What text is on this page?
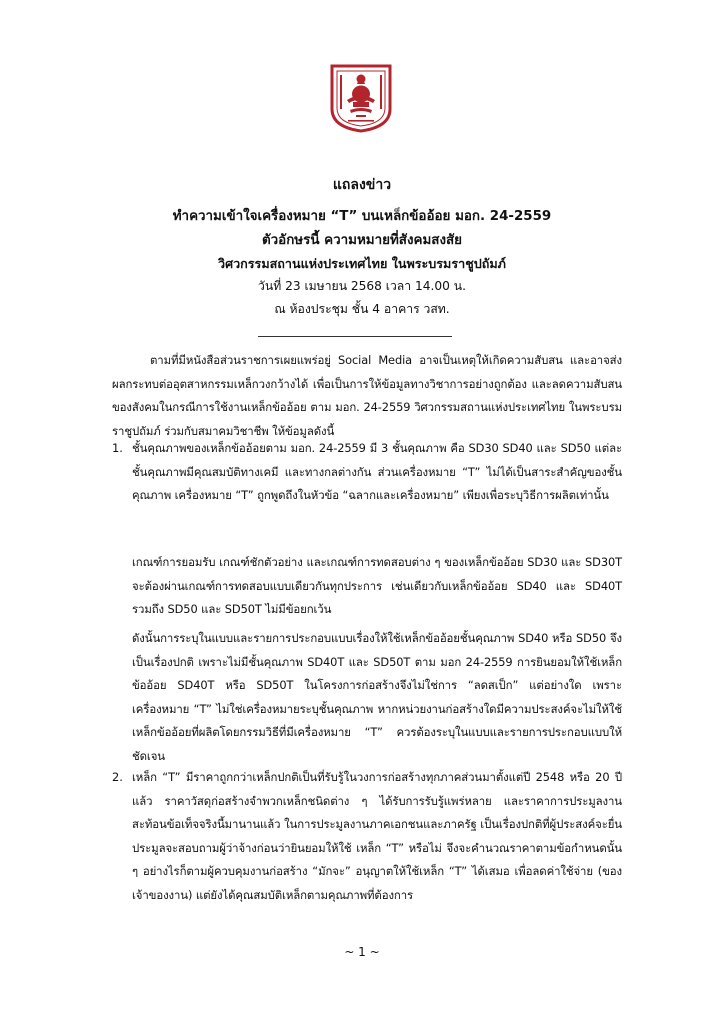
แถลงข่าว
ทำความเข้าใจเครื่องหมาย “T” บนเหล็กข้ออ้อย มอก. 24-2559
ตัวอักษรนี้ ความหมายที่สังคมสงสัย
วิศวกรรมสถานแห่งประเทศไทย ในพระบรมราชูปถัมภ์
วันที่ 23 เมษายน 2568 เวลา 14.00 น.
ณ ห้องประชุม ชั้น 4 อาคาร วสท.

ตามที่มีหนังสือส่วนราชการเผยแพร่อยู่ Social Media อาจเป็นเหตุให้เกิดความสับสน และอาจส่งผลกระทบต่ออุตสาหกรรมเหล็กวงกว้างได้ เพื่อเป็นการให้ข้อมูลทางวิชาการอย่างถูกต้อง และลดความสับสนของสังคมในกรณีการใช้งานเหล็กข้ออ้อย ตาม มอก. 24-2559 วิศวกรรมสถานแห่งประเทศไทย ในพระบรมราชูปถัมภ์ ร่วมกับสมาคมวิชาชีพ ให้ข้อมูลดังนี้

1. ชั้นคุณภาพของเหล็กข้ออ้อยตาม มอก. 24-2559 มี 3 ชั้นคุณภาพ คือ SD30 SD40 และ SD50 แต่ละชั้นคุณภาพมีคุณสมบัติทางเคมี และทางกลต่างกัน ส่วนเครื่องหมาย “T” ไม่ได้เป็นสาระสำคัญของชั้นคุณภาพ เครื่องหมาย “T” ถูกพูดถึงในหัวข้อ “ฉลากและเครื่องหมาย” เพียงเพื่อระบุวิธีการผลิตเท่านั้น

เกณฑ์การยอมรับ เกณฑ์ชักตัวอย่าง และเกณฑ์การทดสอบต่าง ๆ ของเหล็กข้ออ้อย SD30 และ SD30T จะต้องผ่านเกณฑ์การทดสอบแบบเดียวกันทุกประการ เช่นเดียวกับเหล็กข้ออ้อย SD40 และ SD40T รวมถึง SD50 และ SD50T ไม่มีข้อยกเว้น

ดังนั้นการระบุในแบบและรายการประกอบแบบเรื่องให้ใช้เหล็กข้ออ้อยชั้นคุณภาพ SD40 หรือ SD50 จึงเป็นเรื่องปกติ เพราะไม่มีชั้นคุณภาพ SD40T และ SD50T ตาม มอก 24-2559 การยินยอมให้ใช้เหล็กข้ออ้อย SD40T หรือ SD50T ในโครงการก่อสร้างจึงไม่ใช่การ “ลดสเป็ก” แต่อย่างใด เพราะเครื่องหมาย “T” ไม่ใช่เครื่องหมายระบุชั้นคุณภาพ หากหน่วยงานก่อสร้างใดมีความประสงค์จะไม่ให้ใช้เหล็กข้ออ้อยที่ผลิตโดยกรรมวิธีที่มีเครื่องหมาย “T” ควรต้องระบุในแบบและรายการประกอบแบบให้ชัดเจน

2. เหล็ก “T” มีราคาถูกกว่าเหล็กปกติเป็นที่รับรู้ในวงการก่อสร้างทุกภาคส่วนมาตั้งแต่ปี 2548 หรือ 20 ปีแล้ว ราคาวัสดุก่อสร้างจำพวกเหล็กชนิดต่าง ๆ ได้รับการรับรู้แพร่หลาย และราคาการประมูลงานสะท้อนข้อเท็จจริงนี้มานานแล้ว ในการประมูลงานภาคเอกชนและภาครัฐ เป็นเรื่องปกติที่ผู้ประสงค์จะยื่นประมูลจะสอบถามผู้ว่าจ้างก่อนว่ายินยอมให้ใช้ เหล็ก “T” หรือไม่ จึงจะคำนวณราคาตามข้อกำหนดนั้น ๆ อย่างไรก็ตามผู้ควบคุมงานก่อสร้าง “มักจะ” อนุญาตให้ใช้เหล็ก “T” ได้เสมอ เพื่อลดค่าใช้จ่าย (ของเจ้าของงาน) แต่ยังได้คุณสมบัติเหล็กตามคุณภาพที่ต้องการ

~ 1 ~
